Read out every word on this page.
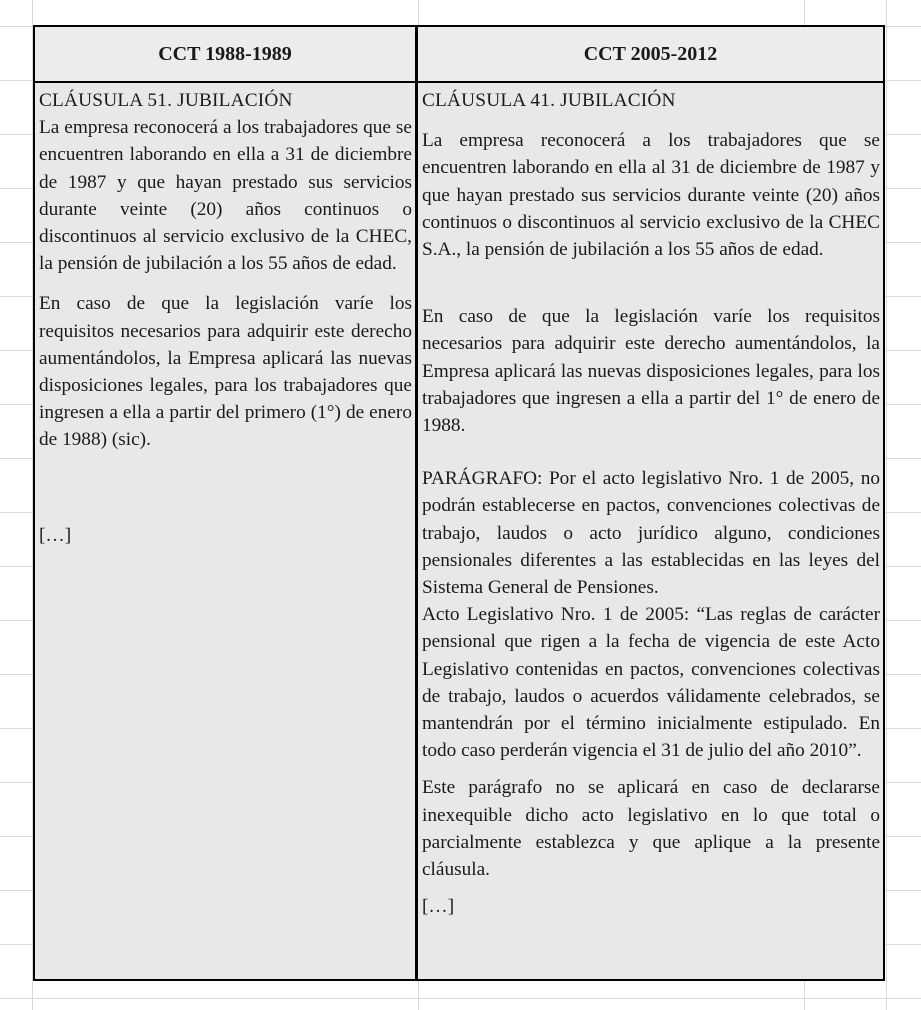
CCT 1988-1989	CCT 2005-2012

CLÁUSULA 51. JUBILACIÓN

La empresa reconocerá a los trabajadores que se encuentren laborando en ella a 31 de diciembre de 1987 y que hayan prestado sus servicios durante veinte (20) años continuos o discontinuos al servicio exclusivo de la CHEC, la pensión de jubilación a los 55 años de edad.

En caso de que la legislación varíe los requisitos necesarios para adquirir este derecho aumentándolos, la Empresa aplicará las nuevas disposiciones legales, para los trabajadores que ingresen a ella a partir del primero (1°) de enero de 1988) (sic).

[…]

CLÁUSULA 41. JUBILACIÓN

La empresa reconocerá a los trabajadores que se encuentren laborando en ella al 31 de diciembre de 1987 y que hayan prestado sus servicios durante veinte (20) años continuos o discontinuos al servicio exclusivo de la CHEC S.A., la pensión de jubilación a los 55 años de edad.

En caso de que la legislación varíe los requisitos necesarios para adquirir este derecho aumentándolos, la Empresa aplicará las nuevas disposiciones legales, para los trabajadores que ingresen a ella a partir del 1° de enero de 1988.

PARÁGRAFO: Por el acto legislativo Nro. 1 de 2005, no podrán establecerse en pactos, convenciones colectivas de trabajo, laudos o acto jurídico alguno, condiciones pensionales diferentes a las establecidas en las leyes del Sistema General de Pensiones.

Acto Legislativo Nro. 1 de 2005: “Las reglas de carácter pensional que rigen a la fecha de vigencia de este Acto Legislativo contenidas en pactos, convenciones colectivas de trabajo, laudos o acuerdos válidamente celebrados, se mantendrán por el término inicialmente estipulado. En todo caso perderán vigencia el 31 de julio del año 2010”.

Este parágrafo no se aplicará en caso de declararse inexequible dicho acto legislativo en lo que total o parcialmente establezca y que aplique a la presente cláusula.

[…]
